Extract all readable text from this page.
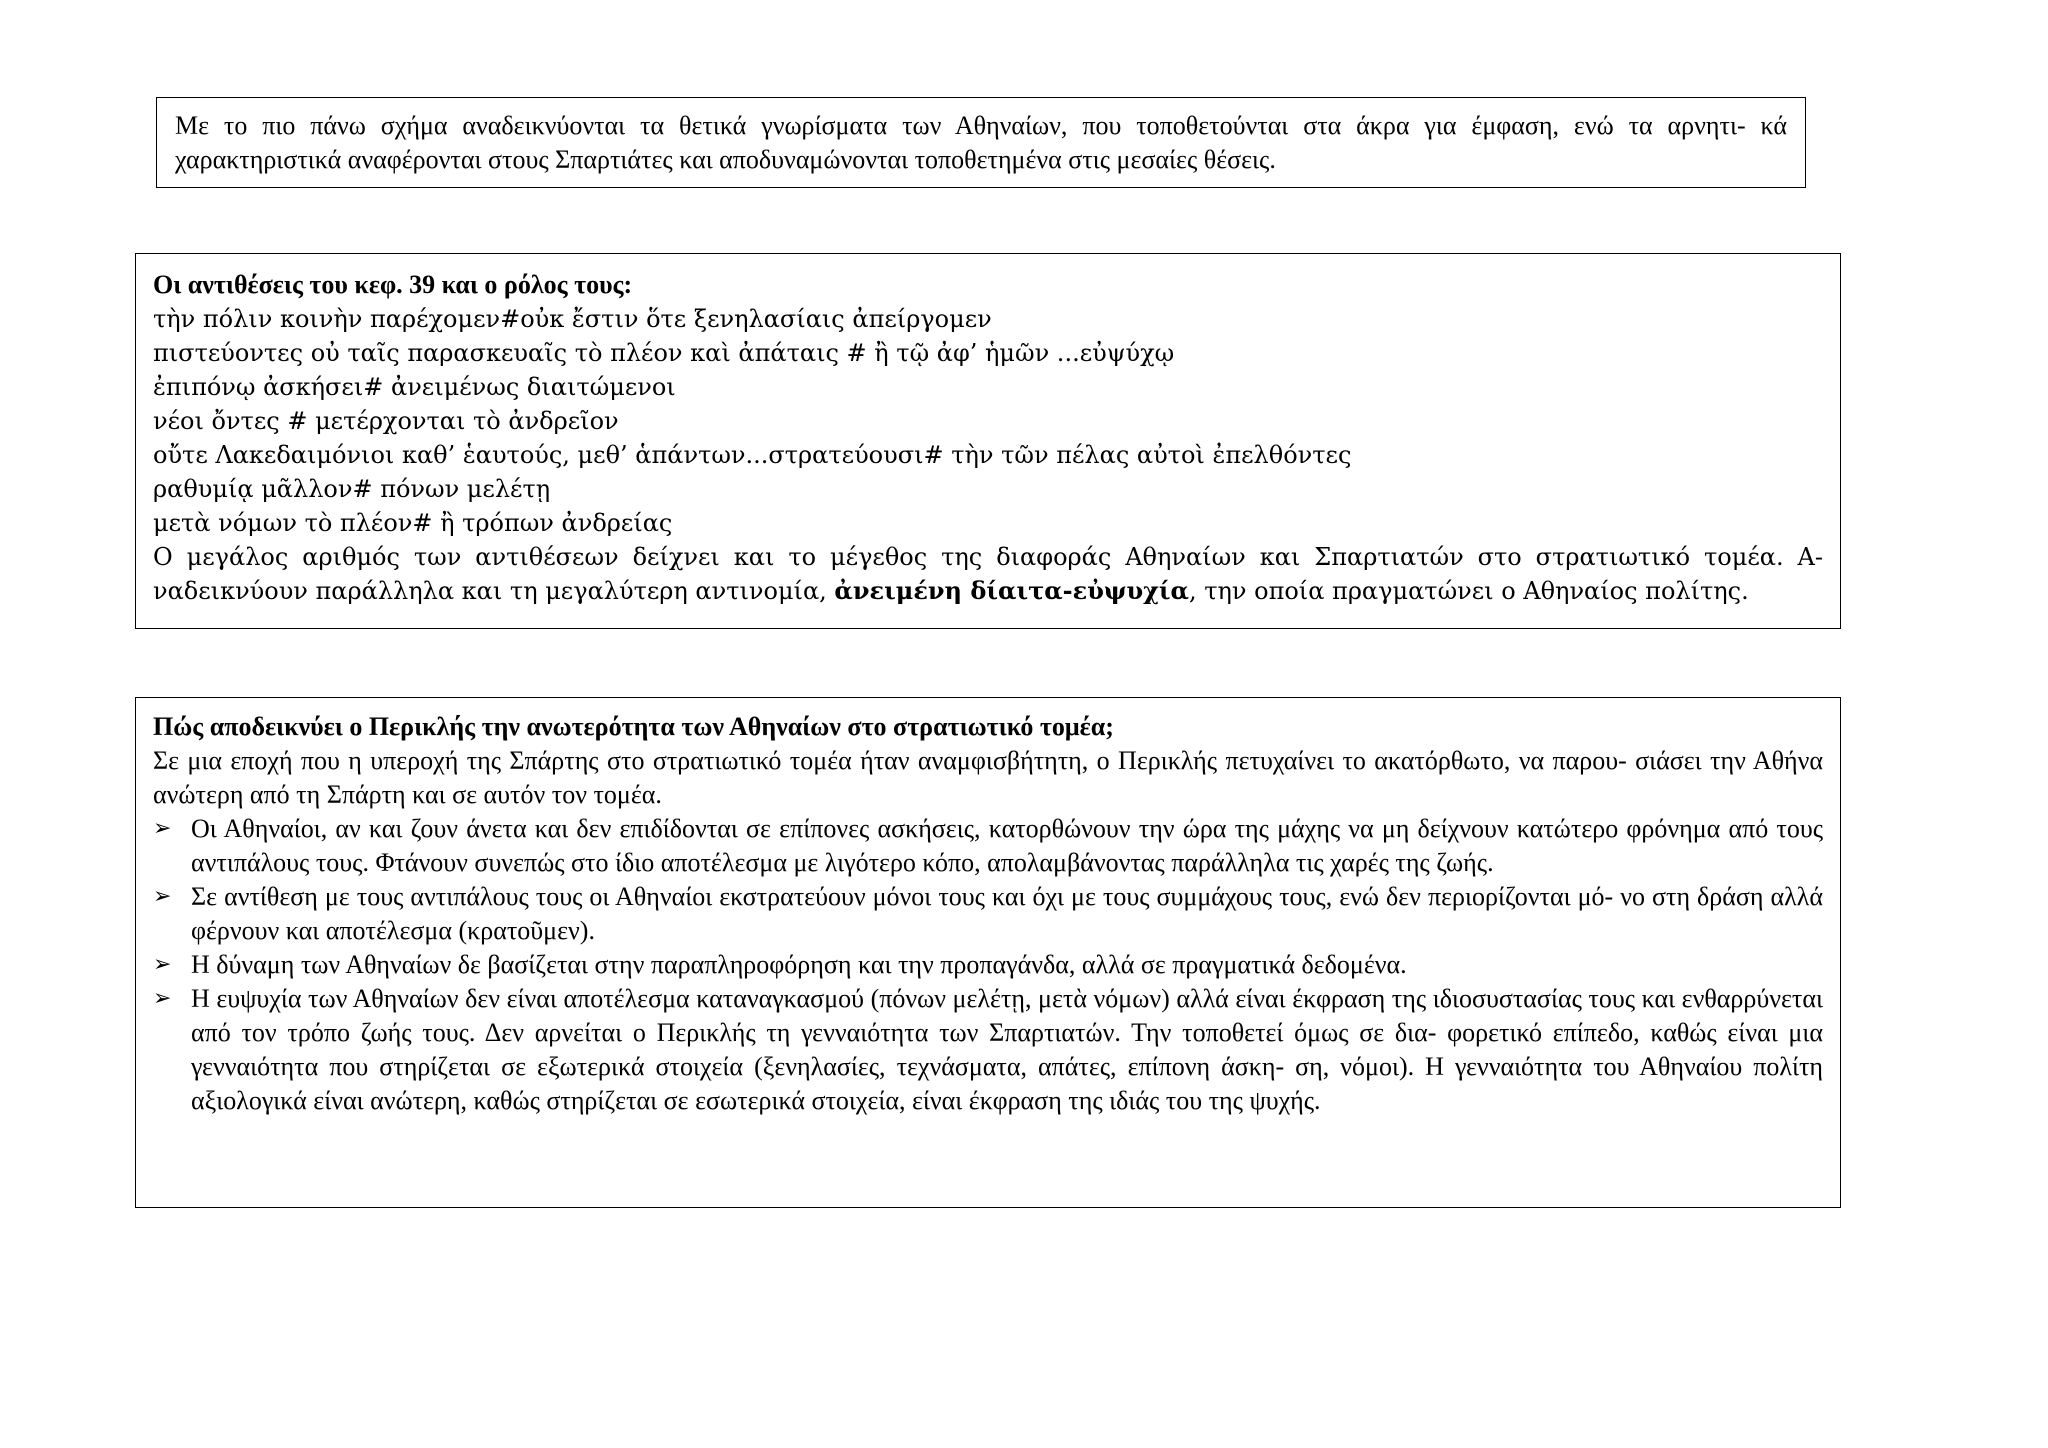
Με το πιο πάνω σχήμα αναδεικνύονται τα θετικά γνωρίσματα των Αθηναίων, που τοποθετούνται στα άκρα για έμφαση, ενώ τα αρνητι- κά χαρακτηριστικά αναφέρονται στους Σπαρτιάτες και αποδυναμώνονται τοποθετημένα στις μεσαίες θέσεις.

Οι αντιθέσεις του κεφ. 39 και ο ρόλος τους:

τὴν πόλιν κοινὴν παρέχομεν#οὐκ ἔστιν ὅτε ξενηλασίαις ἀπείργομεν
πιστεύοντες οὐ ταῖς παρασκευαῖς τὸ πλέον καὶ ἀπάταις # ἢ τῷ ἀφ’ ἡμῶν ...εὐψύχῳ
ἐπιπόνῳ ἀσκήσει# ἀνειμένως διαιτώμενοι
νέοι ὄντες # μετέρχονται τὸ ἀνδρεῖον
οὔτε Λακεδαιμόνιοι καθ’ ἑαυτούς, μεθ’ ἁπάντων...στρατεύουσι# τὴν τῶν πέλας αὐτοὶ ἐπελθόντες
ραθυμίᾳ μᾶλλον# πόνων μελέτῃ
μετὰ νόμων τὸ πλέον# ἢ τρόπων ἀνδρείας

Ο μεγάλος αριθμός των αντιθέσεων δείχνει και το μέγεθος της διαφοράς Αθηναίων και Σπαρτιατών στο στρατιωτικό τομέα. Α- ναδεικνύουν παράλληλα και τη μεγαλύτερη αντινομία, ἀνειμένη δίαιτα-εὐψυχία, την οποία πραγματώνει ο Αθηναίος πολίτης.

Πώς αποδεικνύει ο Περικλής την ανωτερότητα των Αθηναίων στο στρατιωτικό τομέα;

Σε μια εποχή που η υπεροχή της Σπάρτης στο στρατιωτικό τομέα ήταν αναμφισβήτητη, ο Περικλής πετυχαίνει το ακατόρθωτο, να παρου- σιάσει την Αθήνα ανώτερη από τη Σπάρτη και σε αυτόν τον τομέα.

➢ Οι Αθηναίοι, αν και ζουν άνετα και δεν επιδίδονται σε επίπονες ασκήσεις, κατορθώνουν την ώρα της μάχης να μη δείχνουν κατώτερο φρόνημα από τους αντιπάλους τους. Φτάνουν συνεπώς στο ίδιο αποτέλεσμα με λιγότερο κόπο, απολαμβάνοντας παράλληλα τις χαρές της ζωής.
➢ Σε αντίθεση με τους αντιπάλους τους οι Αθηναίοι εκστρατεύουν μόνοι τους και όχι με τους συμμάχους τους, ενώ δεν περιορίζονται μό- νο στη δράση αλλά φέρνουν και αποτέλεσμα (κρατοῦμεν).
➢ Η δύναμη των Αθηναίων δε βασίζεται στην παραπληροφόρηση και την προπαγάνδα, αλλά σε πραγματικά δεδομένα.
➢ Η ευψυχία των Αθηναίων δεν είναι αποτέλεσμα καταναγκασμού (πόνων μελέτῃ, μετὰ νόμων) αλλά είναι έκφραση της ιδιοσυστασίας τους και ενθαρρύνεται από τον τρόπο ζωής τους. Δεν αρνείται ο Περικλής τη γενναιότητα των Σπαρτιατών. Την τοποθετεί όμως σε δια- φορετικό επίπεδο, καθώς είναι μια γενναιότητα που στηρίζεται σε εξωτερικά στοιχεία (ξενηλασίες, τεχνάσματα, απάτες, επίπονη άσκη- ση, νόμοι). Η γενναιότητα του Αθηναίου πολίτη αξιολογικά είναι ανώτερη, καθώς στηρίζεται σε εσωτερικά στοιχεία, είναι έκφραση της ιδιάς του της ψυχής.
